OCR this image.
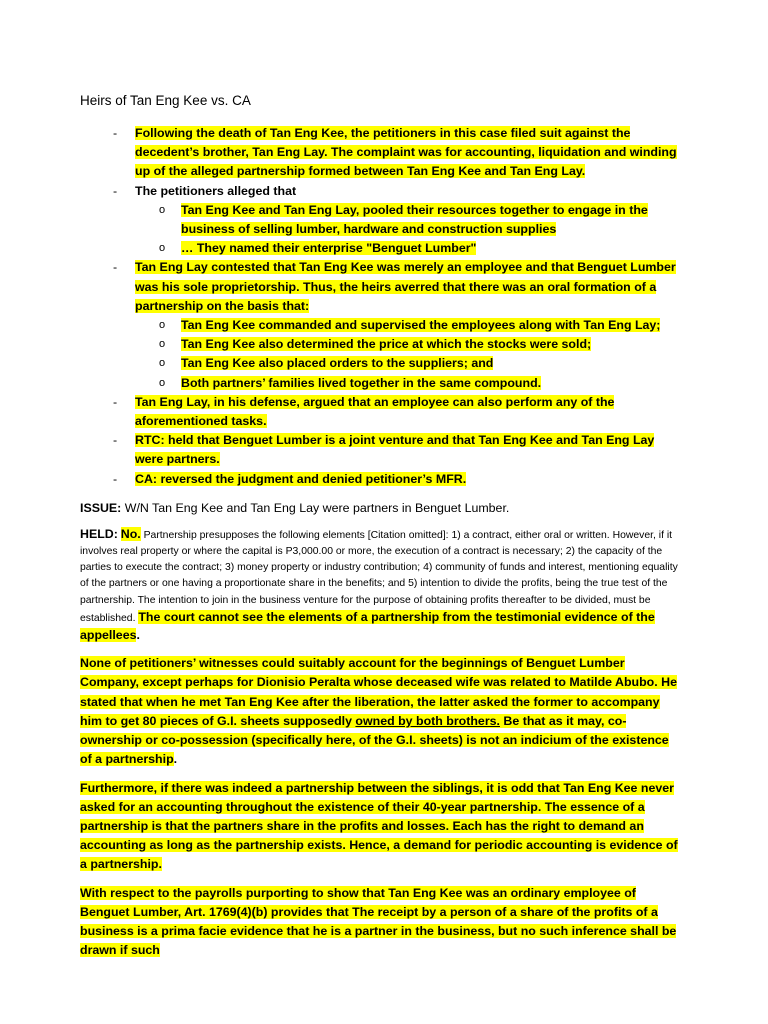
Heirs of Tan Eng Kee vs. CA
- Following the death of Tan Eng Kee, the petitioners in this case filed suit against the decedent’s brother, Tan Eng Lay. The complaint was for accounting, liquidation and winding up of the alleged partnership formed between Tan Eng Kee and Tan Eng Lay.
- The petitioners alleged that
o Tan Eng Kee and Tan Eng Lay, pooled their resources together to engage in the business of selling lumber, hardware and construction supplies
o … They named their enterprise "Benguet Lumber"
- Tan Eng Lay contested that Tan Eng Kee was merely an employee and that Benguet Lumber was his sole proprietorship. Thus, the heirs averred that there was an oral formation of a partnership on the basis that:
o Tan Eng Kee commanded and supervised the employees along with Tan Eng Lay;
o Tan Eng Kee also determined the price at which the stocks were sold;
o Tan Eng Kee also placed orders to the suppliers; and
o Both partners’ families lived together in the same compound.
- Tan Eng Lay, in his defense, argued that an employee can also perform any of the aforementioned tasks.
- RTC: held that Benguet Lumber is a joint venture and that Tan Eng Kee and Tan Eng Lay were partners.
- CA: reversed the judgment and denied petitioner’s MFR.

ISSUE: W/N Tan Eng Kee and Tan Eng Lay were partners in Benguet Lumber.

HELD: No. Partnership presupposes the following elements [Citation omitted]: 1) a contract, either oral or written. However, if it involves real property or where the capital is P3,000.00 or more, the execution of a contract is necessary; 2) the capacity of the parties to execute the contract; 3) money property or industry contribution; 4) community of funds and interest, mentioning equality of the partners or one having a proportionate share in the benefits; and 5) intention to divide the profits, being the true test of the partnership. The intention to join in the business venture for the purpose of obtaining profits thereafter to be divided, must be established. The court cannot see the elements of a partnership from the testimonial evidence of the appellees.

None of petitioners’ witnesses could suitably account for the beginnings of Benguet Lumber Company, except perhaps for Dionisio Peralta whose deceased wife was related to Matilde Abubo. He stated that when he met Tan Eng Kee after the liberation, the latter asked the former to accompany him to get 80 pieces of G.I. sheets supposedly owned by both brothers. Be that as it may, co-ownership or co-possession (specifically here, of the G.I. sheets) is not an indicium of the existence of a partnership.

Furthermore, if there was indeed a partnership between the siblings, it is odd that Tan Eng Kee never asked for an accounting throughout the existence of their 40-year partnership. The essence of a partnership is that the partners share in the profits and losses. Each has the right to demand an accounting as long as the partnership exists. Hence, a demand for periodic accounting is evidence of a partnership.

With respect to the payrolls purporting to show that Tan Eng Kee was an ordinary employee of Benguet Lumber, Art. 1769(4)(b) provides that The receipt by a person of a share of the profits of a business is a prima facie evidence that he is a partner in the business, but no such inference shall be drawn if such
